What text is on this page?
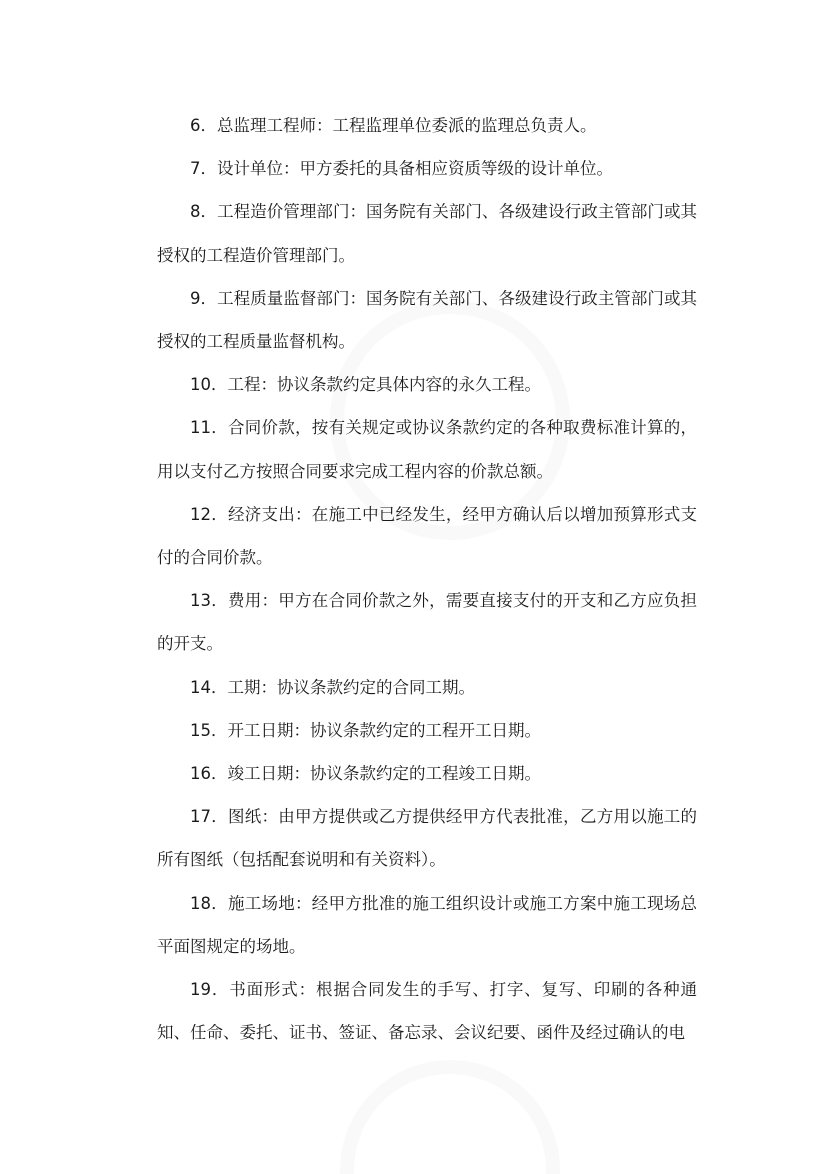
6．总监理工程师：工程监理单位委派的监理总负责人。

7．设计单位：甲方委托的具备相应资质等级的设计单位。

8．工程造价管理部门：国务院有关部门、各级建设行政主管部门或其授权的工程造价管理部门。

9．工程质量监督部门：国务院有关部门、各级建设行政主管部门或其授权的工程质量监督机构。

10．工程：协议条款约定具体内容的永久工程。

11．合同价款，按有关规定或协议条款约定的各种取费标准计算的，用以支付乙方按照合同要求完成工程内容的价款总额。

12．经济支出：在施工中已经发生，经甲方确认后以增加预算形式支付的合同价款。

13．费用：甲方在合同价款之外，需要直接支付的开支和乙方应负担的开支。

14．工期：协议条款约定的合同工期。

15．开工日期：协议条款约定的工程开工日期。

16．竣工日期：协议条款约定的工程竣工日期。

17．图纸：由甲方提供或乙方提供经甲方代表批准，乙方用以施工的所有图纸（包括配套说明和有关资料）。

18．施工场地：经甲方批准的施工组织设计或施工方案中施工现场总平面图规定的场地。

19．书面形式：根据合同发生的手写、打字、复写、印刷的各种通知、任命、委托、证书、签证、备忘录、会议纪要、函件及经过确认的电
